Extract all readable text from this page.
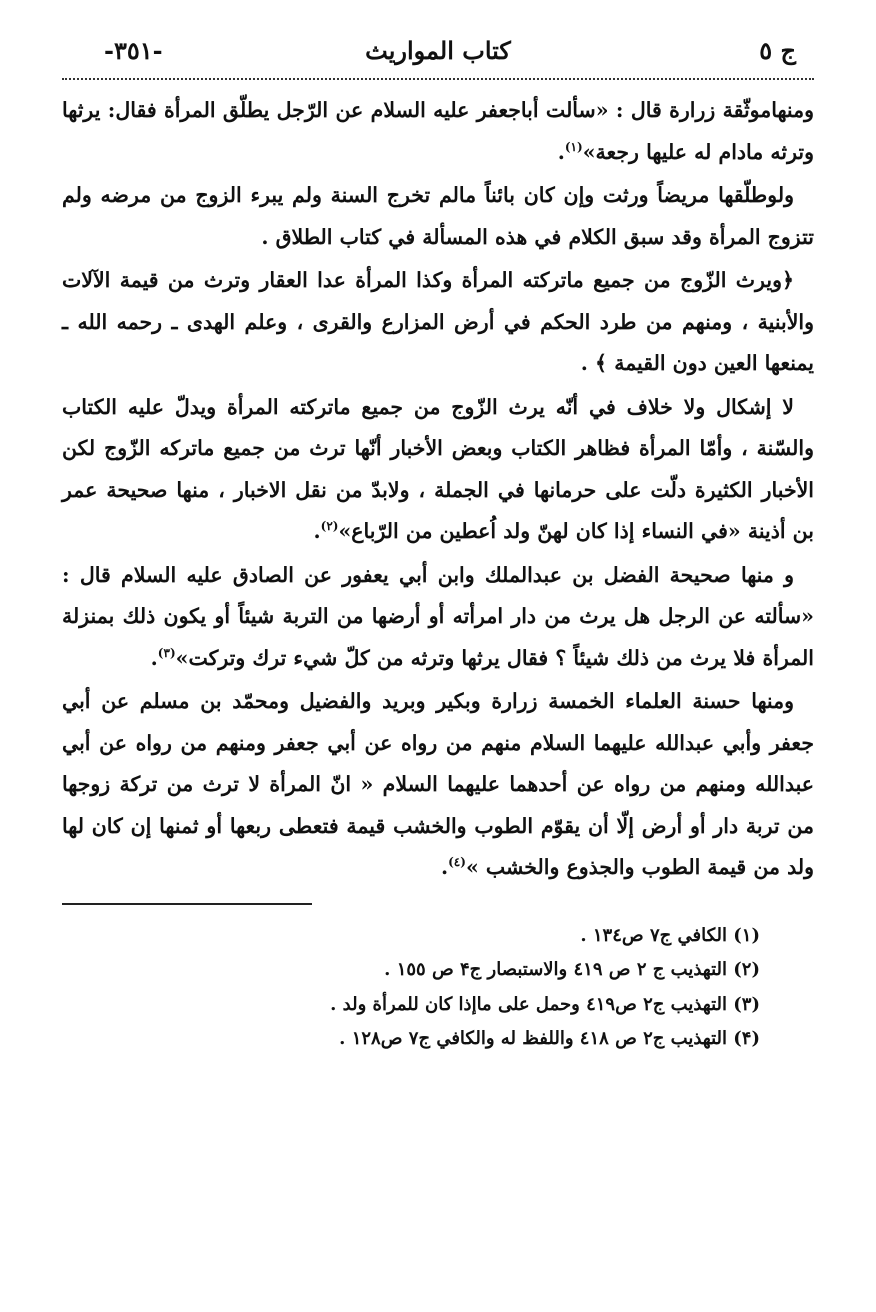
ج ٥
كتاب المواريث
-٣٥١-

ومنهاموثّقة زرارة قال : «سألت أباجعفر عليه السلام عن الرّجل يطلّق المرأة فقال: يرثها وترثه مادام له عليها رجعة»$^{(١)}$.

ولوطلّقها مريضاً ورثت وإن كان بائناً مالم تخرج السنة ولم يبرء الزوج من مرضه ولم تتزوج المرأة وقد سبق الكلام في هذه المسألة في كتاب الطلاق .

﴿ويرث الزّوج من جميع ماتركته المرأة وكذا المرأة عدا العقار وترث من قيمة الآلات والأبنية ، ومنهم من طرد الحكم في أرض المزارع والقرى ، وعلم الهدى ـ رحمه الله ـ يمنعها العين دون القيمة ﴾ .

لا إشكال ولا خلاف في أنّه يرث الزّوج من جميع ماتركته المرأة ويدلّ عليه الكتاب والسّنة ، وأمّا المرأة فظاهر الكتاب وبعض الأخبار أنّها ترث من جميع ماتركه الزّوج لكن الأخبار الكثيرة دلّت على حرمانها في الجملة ، ولابدّ من نقل الاخبار ، منها صحيحة عمر بن أذينة «في النساء إذا كان لهنّ ولد اُعطين من الرّباع»$^{(٢)}$.

و منها صحيحة الفضل بن عبدالملك وابن أبي يعفور عن الصادق عليه السلام قال : «سألته عن الرجل هل يرث من دار امرأته أو أرضها من التربة شيئاً أو يكون ذلك بمنزلة المرأة فلا يرث من ذلك شيئاً ؟ فقال يرثها وترثه من كلّ شيء ترك وتركت»$^{(٣)}$.

ومنها حسنة العلماء الخمسة زرارة وبكير وبريد والفضيل ومحمّد بن مسلم عن أبي جعفر وأبي عبدالله عليهما السلام منهم من رواه عن أبي جعفر ومنهم من رواه عن أبي عبدالله ومنهم من رواه عن أحدهما عليهما السلام « انّ المرأة لا ترث من تركة زوجها من تربة دار أو أرض إلّا أن يقوّم الطوب والخشب قيمة فتعطى ربعها أو ثمنها إن كان لها ولد من قيمة الطوب والجذوع والخشب »$^{(٤)}$.

(١) الكافي ج٧ ص١٣٤ .
(٢) التهذيب ج ٢ ص ٤١٩ والاستبصار ج۴ ص ١٥٥ .
(٣) التهذيب ج٢ ص٤١٩ وحمل على ماإذا كان للمرأة ولد .
(۴) التهذيب ج٢ ص ٤١٨ واللفظ له والكافي ج٧ ص١٢٨ .
